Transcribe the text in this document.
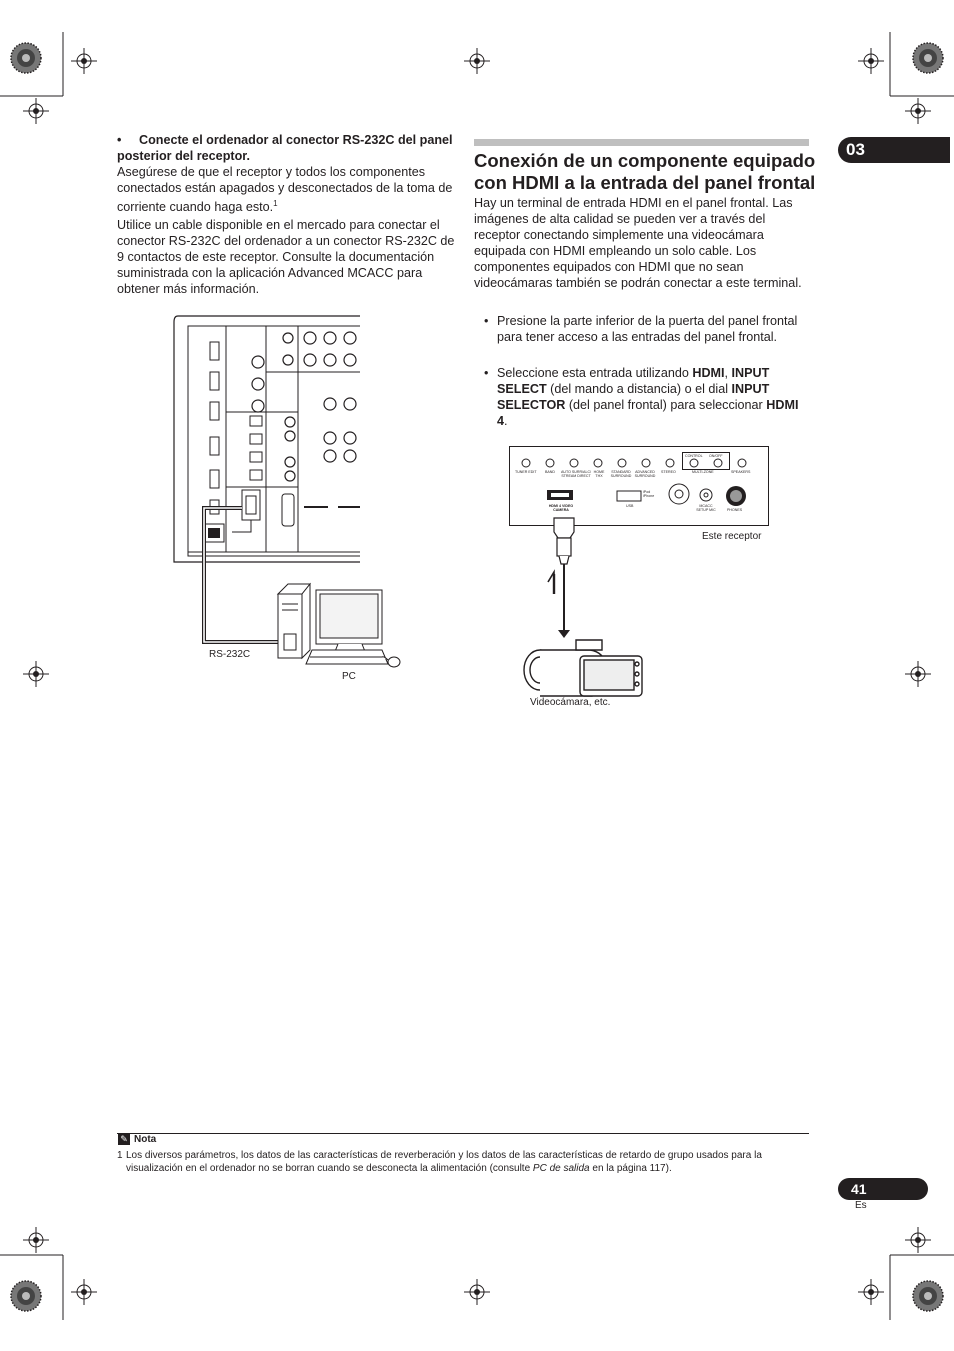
03
• Conecte el ordenador al conector RS-232C del panel posterior del receptor.
Asegúrese de que el receptor y todos los componentes conectados están apagados y desconectados de la toma de corriente cuando haga esto.$^1$
Utilice un cable disponible en el mercado para conectar el conector RS-232C del ordenador a un conector RS-232C de 9 contactos de este receptor. Consulte la documentación suministrada con la aplicación Advanced MCACC para obtener más información.
RS-232C
PC
Conexión de un componente equipado con HDMI a la entrada del panel frontal
Hay un terminal de entrada HDMI en el panel frontal. Las imágenes de alta calidad se pueden ver a través del receptor conectando simplemente una videocámara equipada con HDMI empleando un solo cable. Los componentes equipados con HDMI que no sean videocámaras también se podrán conectar a este terminal.
• Presione la parte inferior de la puerta del panel frontal para tener acceso a las entradas del panel frontal.
• Seleccione esta entrada utilizando HDMI, INPUT SELECT (del mando a distancia) o el dial INPUT SELECTOR (del panel frontal) para seleccionar HDMI 4.
TUNER EDIT BAND	AUTO SURR/ALC/ STREAM DIRECT
HOME THX
STANDARD SURROUND
ADVANCED SURROUND
STEREO
CONTROL ON/OFF
MULTI-ZONE	SPEAKERS
HDMI 4 VIDEO CAMERA
USB
iPod iPhone
MCACC SETUP MIC	PHONES
Este receptor
Videocámara, etc.
✎ Nota
1 Los diversos parámetros, los datos de las características de reverberación y los datos de las características de retardo de grupo usados para la visualización en el ordenador no se borran cuando se desconecta la alimentación (consulte PC de salida en la página 117).
41
Es
